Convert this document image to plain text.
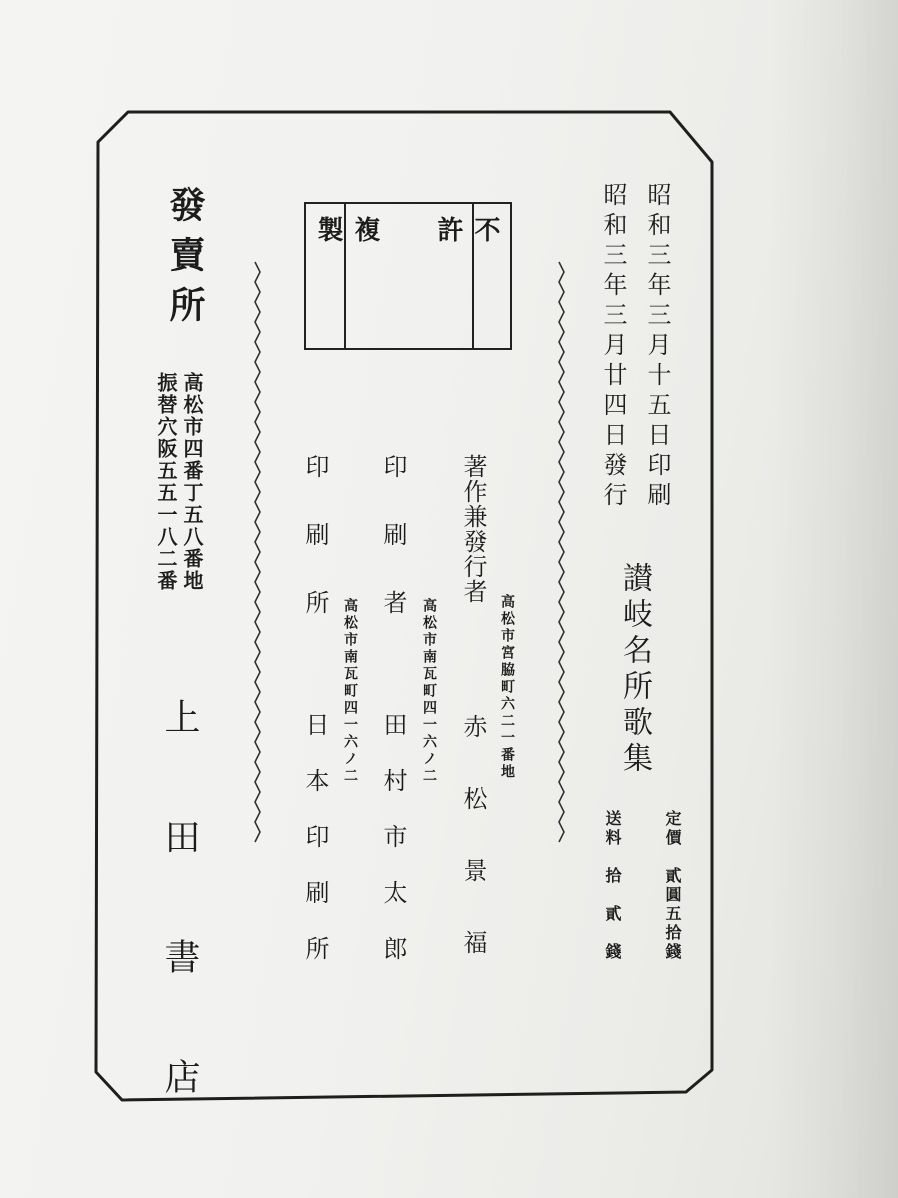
昭和三年三月十五日印刷
昭和三年三月廿四日發行
讃岐名所歌集
定價　貳圓五拾錢
送料　拾　貳　錢
不許
複製
著作兼發行者
高松市宮脇町六二一番地
赤　松　景　福
印　刷　者
高松市南瓦町四一六ノ二
田　村　市　太　郎
印　刷　所
高松市南瓦町四一六ノ二
日　本　印　刷　所
發賣所
高松市四番丁五八番地
振替穴阪五五一八二番
上　田　書　店
